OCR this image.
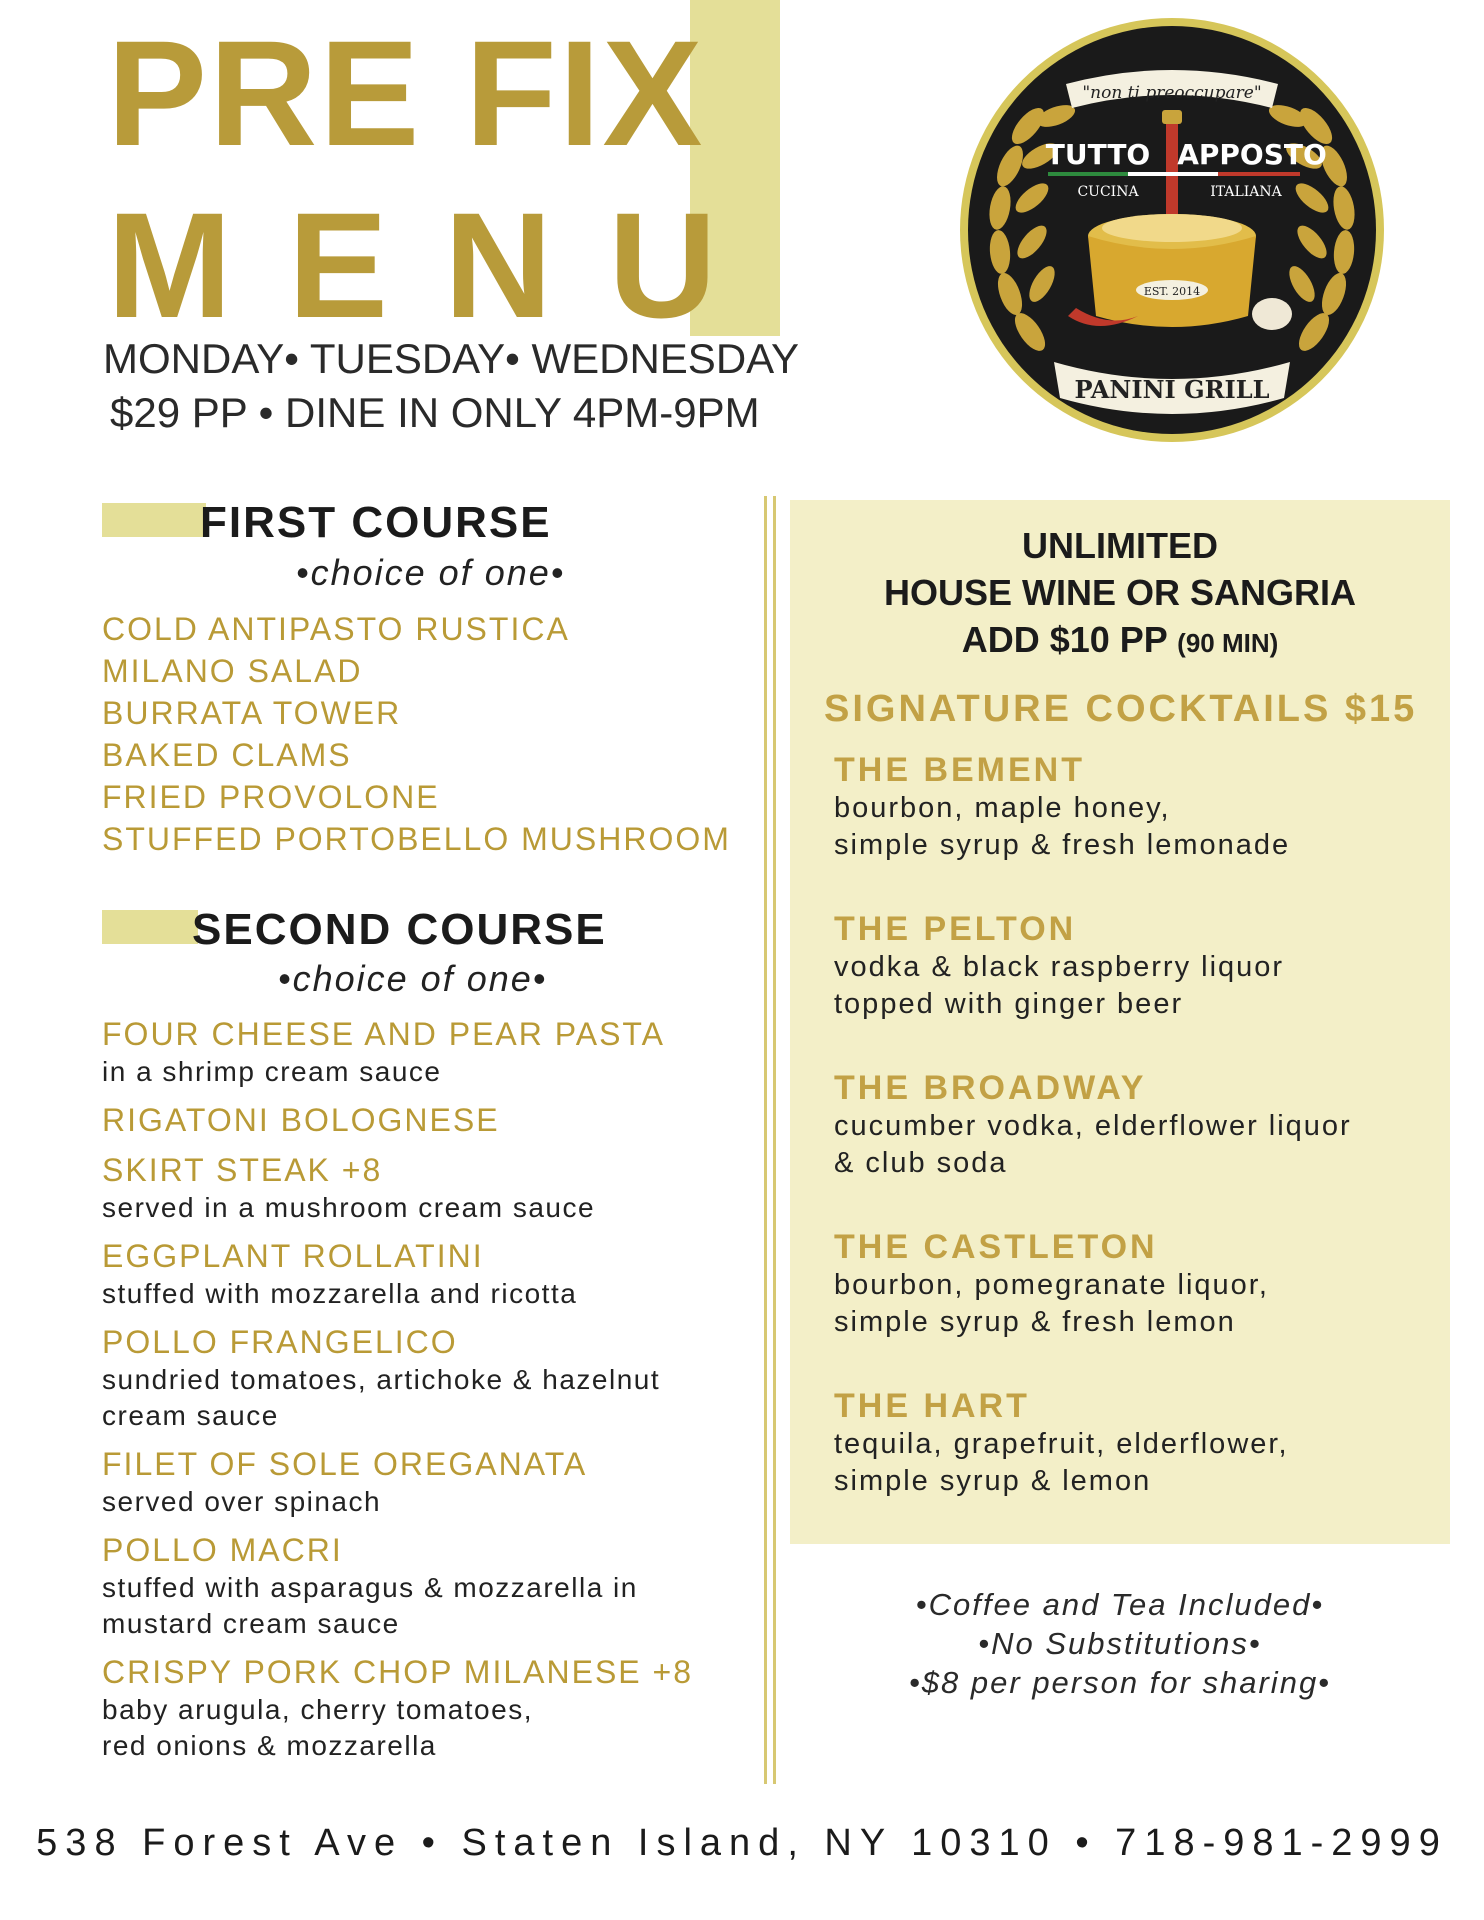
PRE FIX
MENU
MONDAY• TUESDAY• WEDNESDAY
$29 PP • DINE IN ONLY 4PM-9PM
"non ti preoccupare"
TUTTO APPOSTO
CUCINA	ITALIANA
EST. 2014
PANINI GRILL
FIRST COURSE
•choice of one•
COLD ANTIPASTO RUSTICA
MILANO SALAD
BURRATA TOWER
BAKED CLAMS
FRIED PROVOLONE
STUFFED PORTOBELLO MUSHROOM
SECOND COURSE
•choice of one•
FOUR CHEESE AND PEAR PASTA
in a shrimp cream sauce
RIGATONI BOLOGNESE
SKIRT STEAK +8
served in a mushroom cream sauce
EGGPLANT ROLLATINI
stuffed with mozzarella and ricotta
POLLO FRANGELICO
sundried tomatoes, artichoke & hazelnut
cream sauce
FILET OF SOLE OREGANATA
served over spinach
POLLO MACRI
stuffed with asparagus & mozzarella in
mustard cream sauce
CRISPY PORK CHOP MILANESE +8
baby arugula, cherry tomatoes,
red onions & mozzarella
UNLIMITED
HOUSE WINE OR SANGRIA
ADD $10 PP (90 MIN)
SIGNATURE COCKTAILS $15
THE BEMENT
bourbon, maple honey,
simple syrup & fresh lemonade
THE PELTON
vodka & black raspberry liquor
topped with ginger beer
THE BROADWAY
cucumber vodka, elderflower liquor
& club soda
THE CASTLETON
bourbon, pomegranate liquor,
simple syrup & fresh lemon
THE HART
tequila, grapefruit, elderflower,
simple syrup & lemon
•Coffee and Tea Included•
•No Substitutions•
•$8 per person for sharing•
538 Forest Ave • Staten Island, NY 10310 • 718-981-2999
